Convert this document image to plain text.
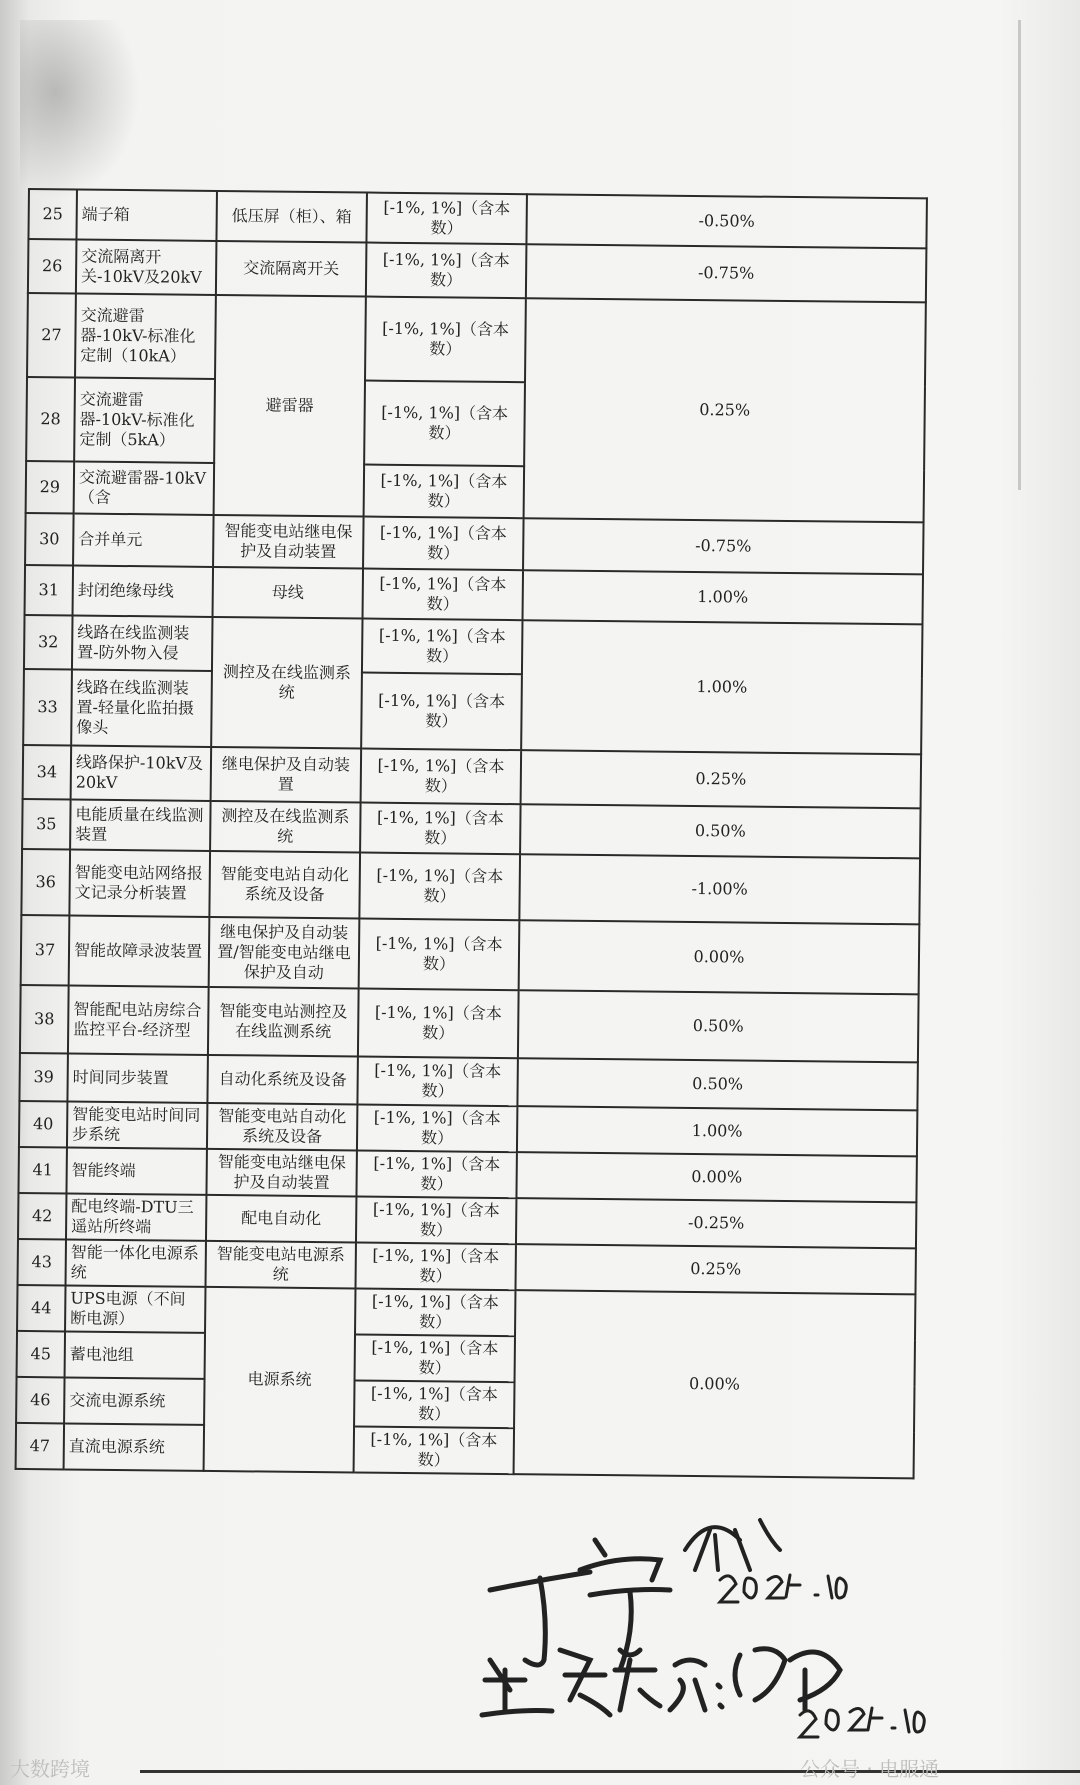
25	端子箱	低压屏（柜）、箱	[-1%, 1%]（含本数）	-0.50%
26	交流隔离开关-10kV及20kV	交流隔离开关	[-1%, 1%]（含本数）	-0.75%
27	交流避雷器-10kV-标准化定制（10kA）	避雷器	[-1%, 1%]（含本数）	0.25%
28	交流避雷器-10kV-标准化定制（5kA）		[-1%, 1%]（含本数）	
29	交流避雷器-10kV（含		[-1%, 1%]（含本数）	
30	合并单元	智能变电站继电保护及自动装置	[-1%, 1%]（含本数）	-0.75%
31	封闭绝缘母线	母线	[-1%, 1%]（含本数）	1.00%
32	线路在线监测装置-防外物入侵	测控及在线监测系统	[-1%, 1%]（含本数）	1.00%
33	线路在线监测装置-轻量化监拍摄像头		[-1%, 1%]（含本数）	
34	线路保护-10kV及20kV	继电保护及自动装置	[-1%, 1%]（含本数）	0.25%
35	电能质量在线监测装置	测控及在线监测系统	[-1%, 1%]（含本数）	0.50%
36	智能变电站网络报文记录分析装置	智能变电站自动化系统及设备	[-1%, 1%]（含本数）	-1.00%
37	智能故障录波装置	继电保护及自动装置/智能变电站继电保护及自动	[-1%, 1%]（含本数）	0.00%
38	智能配电站房综合监控平台-经济型	智能变电站测控及在线监测系统	[-1%, 1%]（含本数）	0.50%
39	时间同步装置	自动化系统及设备	[-1%, 1%]（含本数）	0.50%
40	智能变电站时间同步系统	智能变电站自动化系统及设备	[-1%, 1%]（含本数）	1.00%
41	智能终端	智能变电站继电保护及自动装置	[-1%, 1%]（含本数）	0.00%
42	配电终端-DTU三遥站所终端	配电自动化	[-1%, 1%]（含本数）	-0.25%
43	智能一体化电源系统	智能变电站电源系统	[-1%, 1%]（含本数）	0.25%
44	UPS电源（不间断电源）	电源系统	[-1%, 1%]（含本数）	0.00%
45	蓄电池组		[-1%, 1%]（含本数）	
46	交流电源系统		[-1%, 1%]（含本数）	
47	直流电源系统		[-1%, 1%]（含本数）	
大数跨境	公众号 · 电服通
